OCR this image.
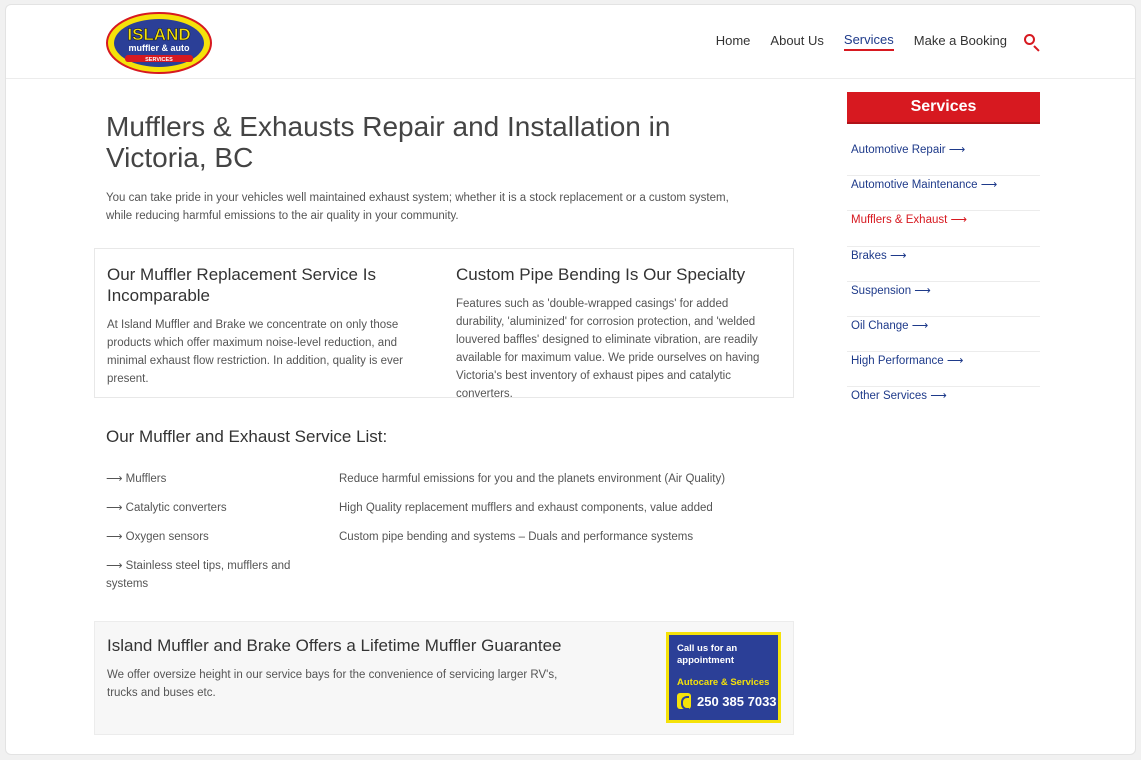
ISLAND
muffler & auto
SERVICES
Home About Us Services Make a Booking
Mufflers & Exhausts Repair and Installation in Victoria, BC

You can take pride in your vehicles well maintained exhaust system; whether it is a stock replacement or a custom system, while reducing harmful emissions to the air quality in your community.

Our Muffler Replacement Service Is Incomparable

At Island Muffler and Brake we concentrate on only those products which offer maximum noise-level reduction, and minimal exhaust flow restriction. In addition, quality is ever present.

Custom Pipe Bending Is Our Specialty

Features such as 'double-wrapped casings' for added durability, 'aluminized' for corrosion protection, and 'welded louvered baffles' designed to eliminate vibration, are readily available for maximum value. We pride ourselves on having Victoria's best inventory of exhaust pipes and catalytic converters.

Our Muffler and Exhaust Service List:
⟶ Mufflers
⟶ Catalytic converters
⟶ Oxygen sensors
⟶ Stainless steel tips, mufflers and systems
Reduce harmful emissions for you and the planets environment (Air Quality)
High Quality replacement mufflers and exhaust components, value added
Custom pipe bending and systems – Duals and performance systems
Island Muffler and Brake Offers a Lifetime Muffler Guarantee

We offer oversize height in our service bays for the convenience of servicing larger RV's, trucks and buses etc.

Call us for an appointment
Autocare & Services
250 385 7033
Services
Automotive Repair ⟶
Automotive Maintenance ⟶
Mufflers & Exhaust ⟶
Brakes ⟶
Suspension ⟶
Oil Change ⟶
High Performance ⟶
Other Services ⟶
